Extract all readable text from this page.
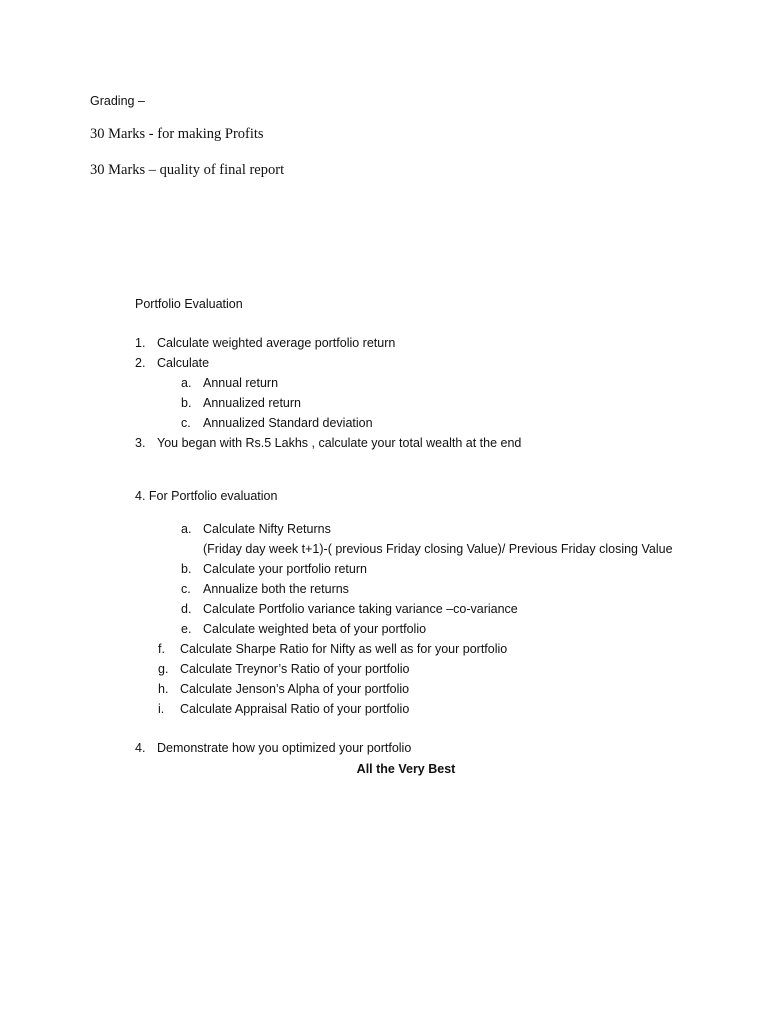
Grading –
30 Marks - for making Profits
30 Marks – quality of final report
Portfolio Evaluation
1. Calculate weighted average portfolio return
2. Calculate
a. Annual return
b. Annualized return
c. Annualized Standard deviation
3. You began with Rs.5 Lakhs , calculate your total wealth at the end
4. For Portfolio evaluation
a. Calculate Nifty Returns
(Friday day week t+1)-( previous Friday closing Value)/ Previous Friday closing Value
b. Calculate your portfolio return
c. Annualize both the returns
d. Calculate Portfolio variance taking variance –co-variance
e. Calculate weighted beta of your portfolio
f. Calculate Sharpe Ratio for Nifty as well as for your portfolio
g. Calculate Treynor’s Ratio of your portfolio
h. Calculate Jenson’s Alpha of your portfolio
i. Calculate Appraisal Ratio of your portfolio
4. Demonstrate how you optimized your portfolio
All the Very Best
